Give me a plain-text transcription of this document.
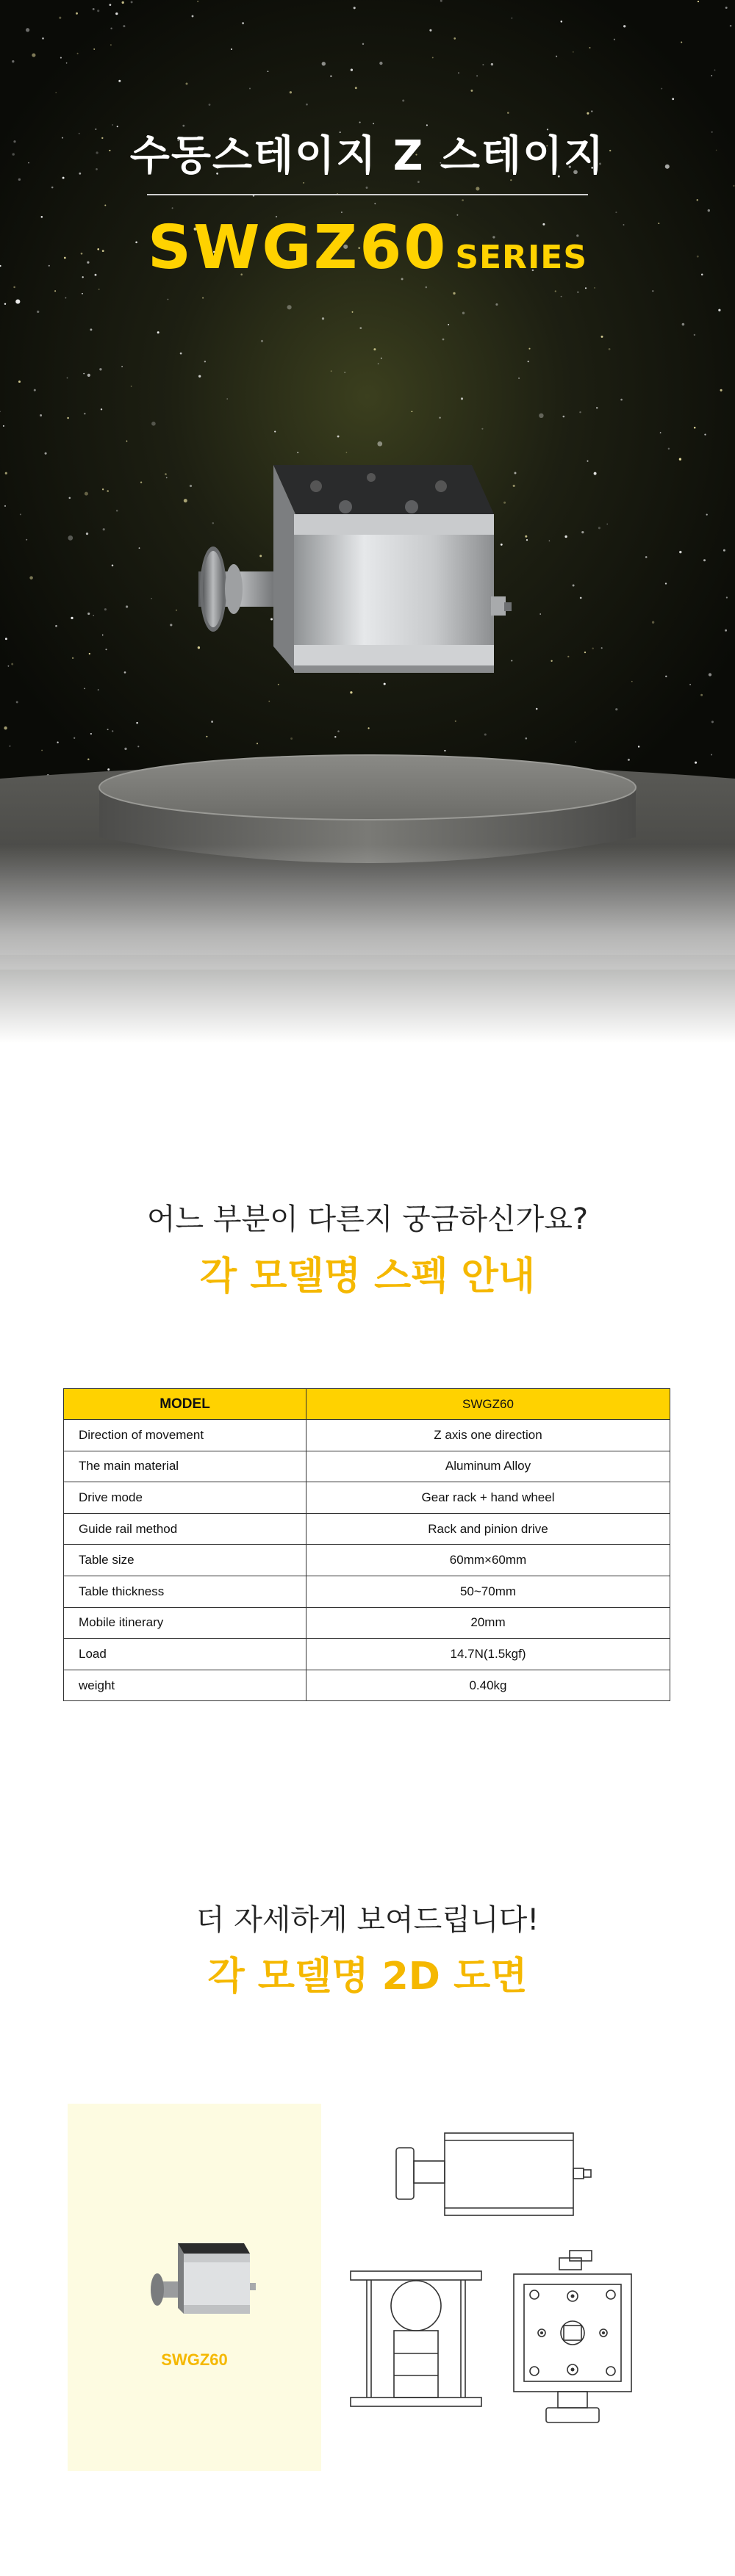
수동스테이지 Z 스테이지
SWGZ60 SERIES
어느 부분이 다른지 궁금하신가요?
각 모델명 스펙 안내
MODEL	SWGZ60
Direction of movement	Z axis one direction
The main material	Aluminum Alloy
Drive mode	Gear rack + hand wheel
Guide rail method	Rack and pinion drive
Table size	60mm×60mm
Table thickness	50~70mm
Mobile itinerary	20mm
Load	14.7N(1.5kgf)
weight	0.40kg
더 자세하게 보여드립니다!
각 모델명 2D 도면
SWGZ60
